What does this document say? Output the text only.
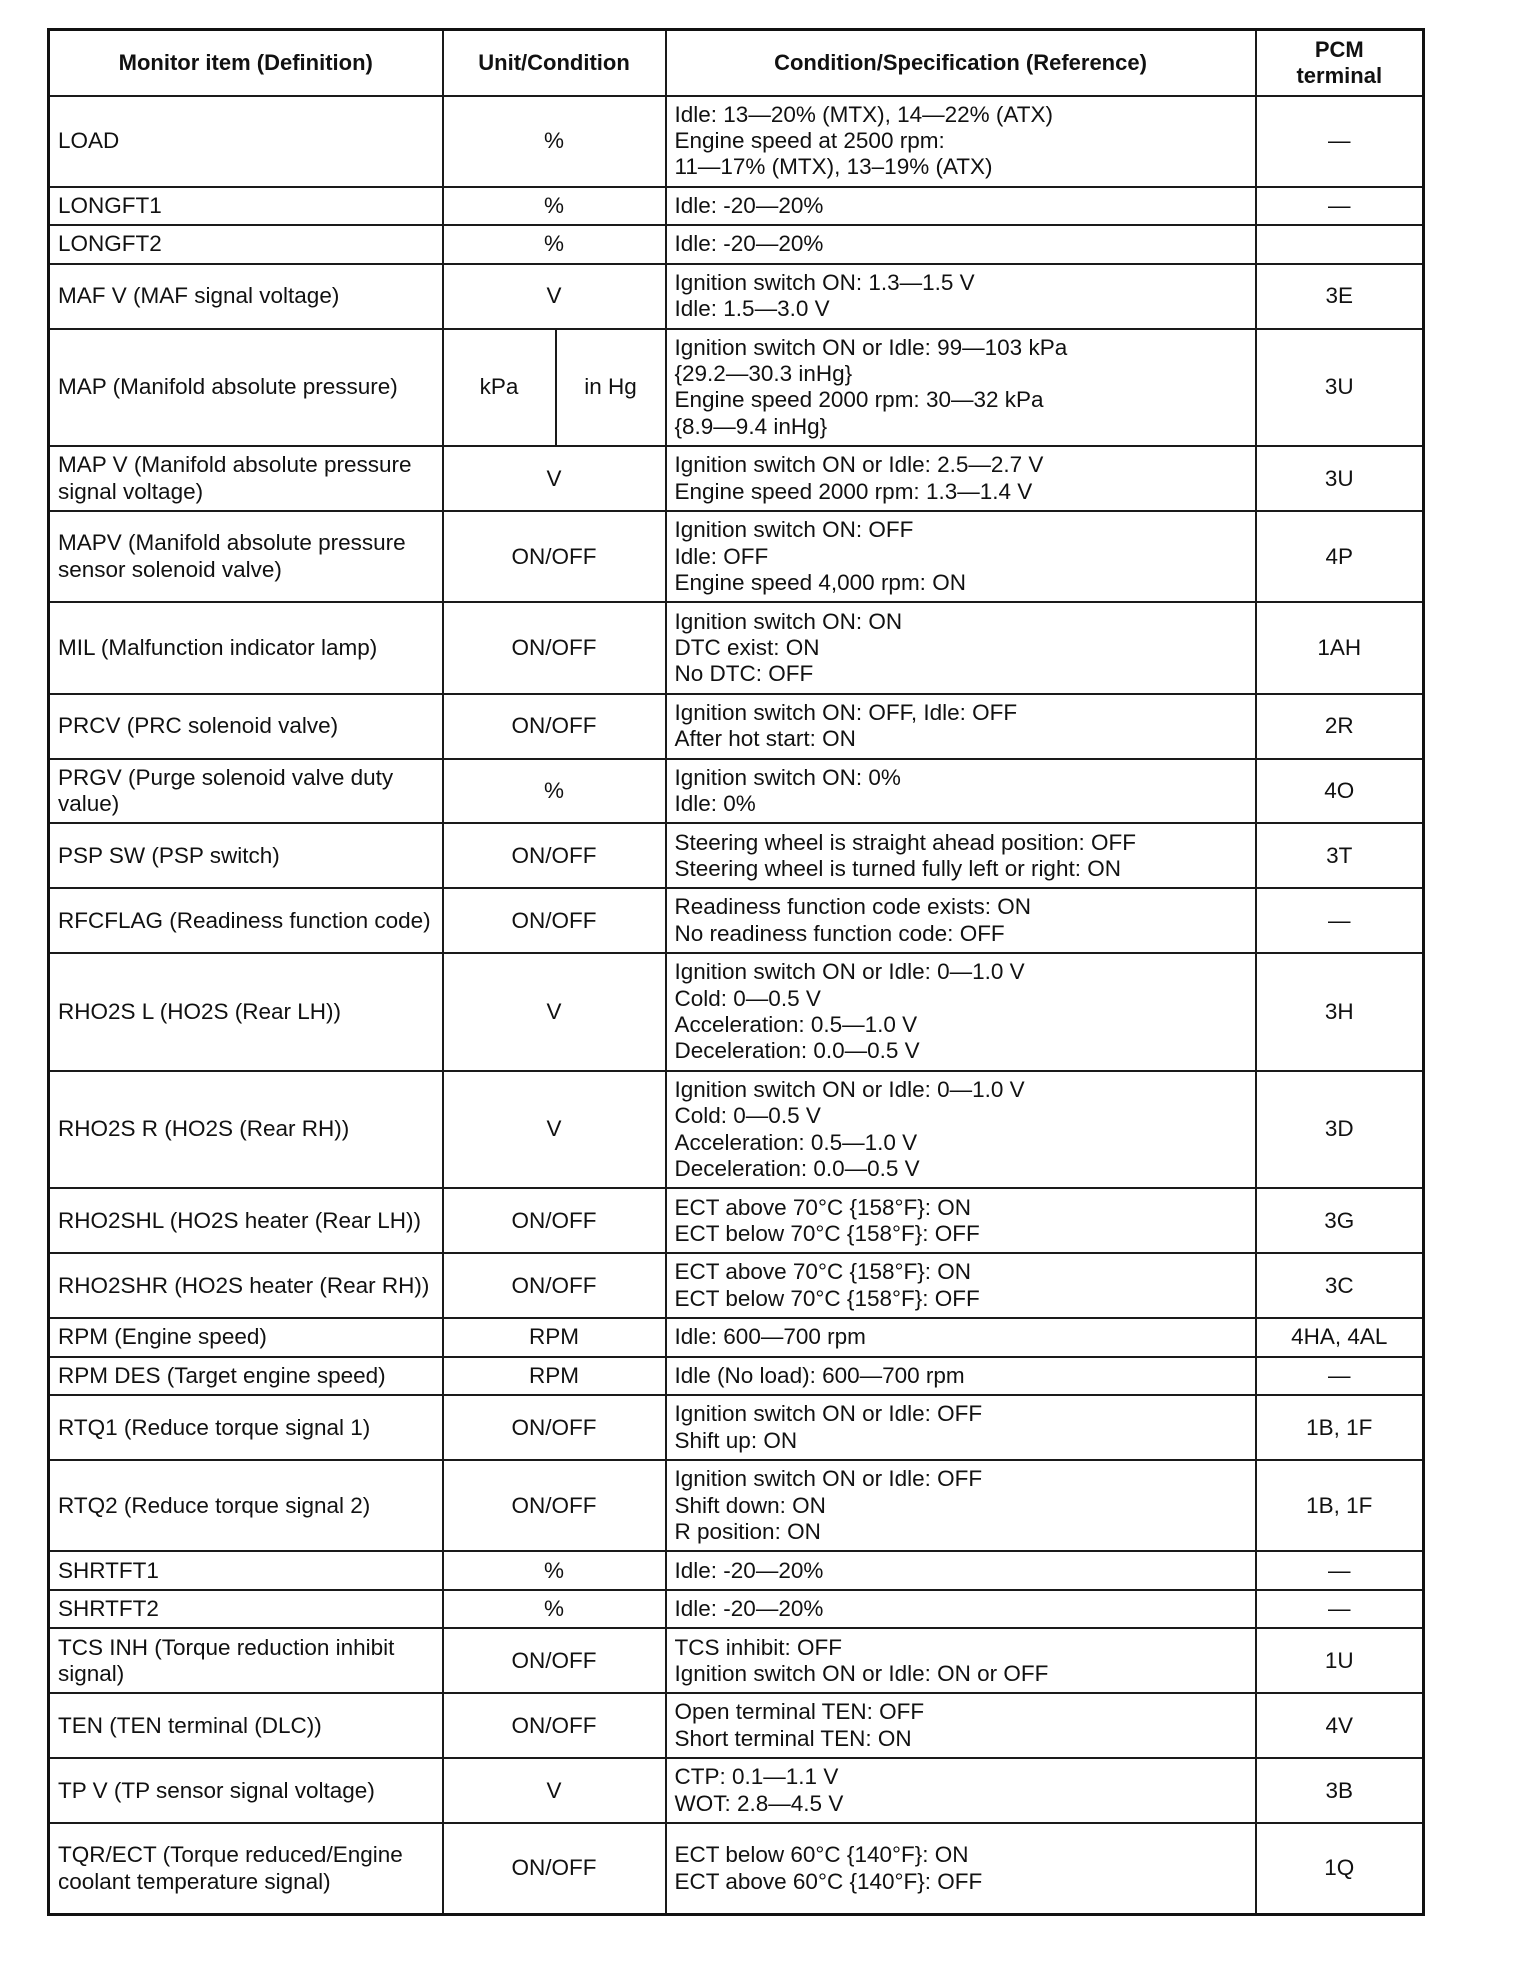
Monitor item (Definition)	Unit/Condition		Condition/Specification (Reference)	PCM
terminal
LOAD	%		Idle: 13—20% (MTX), 14—22% (ATX)
Engine speed at 2500 rpm:
11—17% (MTX), 13–19% (ATX)	—
LONGFT1	%		Idle: -20—20%	—
LONGFT2	%		Idle: -20—20%	
MAF V (MAF signal voltage)	V		Ignition switch ON: 1.3—1.5 V
Idle: 1.5—3.0 V	3E
MAP (Manifold absolute pressure)	kPa	in Hg	Ignition switch ON or Idle: 99—103 kPa
{29.2—30.3 inHg}
Engine speed 2000 rpm: 30—32 kPa
{8.9—9.4 inHg}	3U
MAP V (Manifold absolute pressure signal voltage)	V		Ignition switch ON or Idle: 2.5—2.7 V
Engine speed 2000 rpm: 1.3—1.4 V	3U
MAPV (Manifold absolute pressure sensor solenoid valve)	ON/OFF		Ignition switch ON: OFF
Idle: OFF
Engine speed 4,000 rpm: ON	4P
MIL (Malfunction indicator lamp)	ON/OFF		Ignition switch ON: ON
DTC exist: ON
No DTC: OFF	1AH
PRCV (PRC solenoid valve)	ON/OFF		Ignition switch ON: OFF, Idle: OFF
After hot start: ON	2R
PRGV (Purge solenoid valve duty value)	%		Ignition switch ON: 0%
Idle: 0%	4O
PSP SW (PSP switch)	ON/OFF		Steering wheel is straight ahead position: OFF
Steering wheel is turned fully left or right: ON	3T
RFCFLAG (Readiness function code)	ON/OFF		Readiness function code exists: ON
No readiness function code: OFF	—
RHO2S L (HO2S (Rear LH))	V		Ignition switch ON or Idle: 0—1.0 V
Cold: 0—0.5 V
Acceleration: 0.5—1.0 V
Deceleration: 0.0—0.5 V	3H
RHO2S R (HO2S (Rear RH))	V		Ignition switch ON or Idle: 0—1.0 V
Cold: 0—0.5 V
Acceleration: 0.5—1.0 V
Deceleration: 0.0—0.5 V	3D
RHO2SHL (HO2S heater (Rear LH))	ON/OFF		ECT above 70°C {158°F}: ON
ECT below 70°C {158°F}: OFF	3G
RHO2SHR (HO2S heater (Rear RH))	ON/OFF		ECT above 70°C {158°F}: ON
ECT below 70°C {158°F}: OFF	3C
RPM (Engine speed)	RPM		Idle: 600—700 rpm	4HA, 4AL
RPM DES (Target engine speed)	RPM		Idle (No load): 600—700 rpm	—
RTQ1 (Reduce torque signal 1)	ON/OFF		Ignition switch ON or Idle: OFF
Shift up: ON	1B, 1F
RTQ2 (Reduce torque signal 2)	ON/OFF		Ignition switch ON or Idle: OFF
Shift down: ON
R position: ON	1B, 1F
SHRTFT1	%		Idle: -20—20%	—
SHRTFT2	%		Idle: -20—20%	—
TCS INH (Torque reduction inhibit signal)	ON/OFF		TCS inhibit: OFF
Ignition switch ON or Idle: ON or OFF	1U
TEN (TEN terminal (DLC))	ON/OFF		Open terminal TEN: OFF
Short terminal TEN: ON	4V
TP V (TP sensor signal voltage)	V		CTP: 0.1—1.1 V
WOT: 2.8—4.5 V	3B
TQR/ECT (Torque reduced/Engine coolant temperature signal)	ON/OFF		ECT below 60°C {140°F}: ON
ECT above 60°C {140°F}: OFF	1Q
